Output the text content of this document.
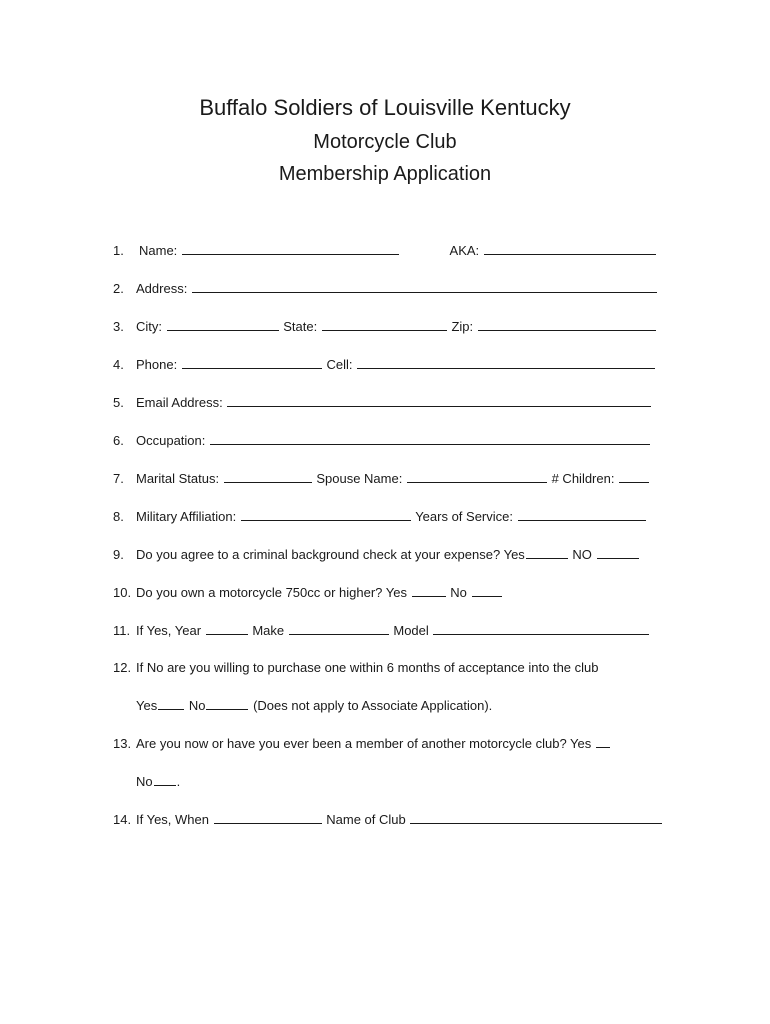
Buffalo Soldiers of Louisville Kentucky
Motorcycle Club
Membership Application

1. Name:	AKA:

2. Address:

3. City:	State:	Zip:

4. Phone:	Cell:

5. Email Address:

6. Occupation:

7. Marital Status:	Spouse Name:	# Children:

8. Military Affiliation:	Years of Service:

9. Do you agree to a criminal background check at your expense? Yes	NO

10. Do you own a motorcycle 750cc or higher? Yes	No

11. If Yes, Year	Make	Model

12. If No are you willing to purchase one within 6 months of acceptance into the club

Yes No	(Does not apply to Associate Application).

13. Are you now or have you ever been a member of another motorcycle club? Yes

No .

14. If Yes, When	Name of Club
